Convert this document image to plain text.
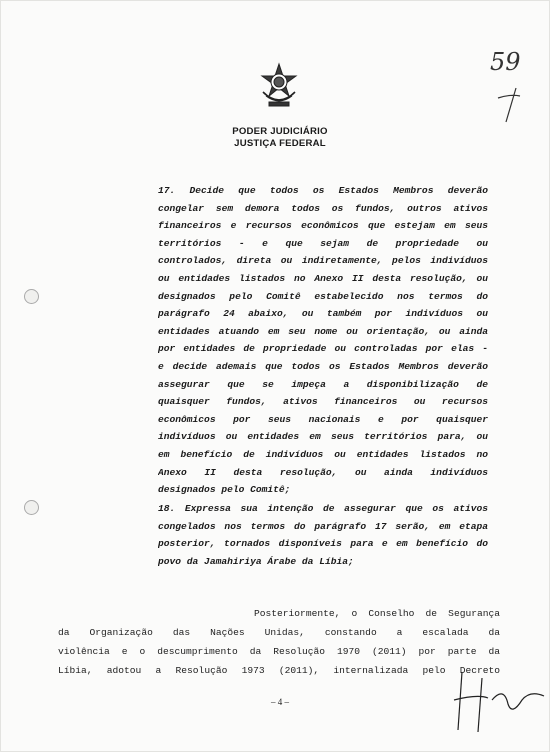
PODER JUDICIÁRIO
JUSTIÇA FEDERAL
59
17. Decide que todos os Estados Membros deverão
congelar sem demora todos os fundos, outros ativos
financeiros e recursos econômicos que estejam em seus
territórios - e que sejam de propriedade ou
controlados, direta ou indiretamente, pelos indivíduos
ou entidades listados no Anexo II desta resolução, ou
designados pelo Comitê estabelecido nos termos do
parágrafo 24 abaixo, ou também por indivíduos ou
entidades atuando em seu nome ou orientação, ou ainda
por entidades de propriedade ou controladas por elas -
e decide ademais que todos os Estados Membros deverão
assegurar que se impeça a disponibilização de
quaisquer fundos, ativos financeiros ou recursos
econômicos por seus nacionais e por quaisquer
indivíduos ou entidades em seus territórios para, ou
em benefício de indivíduos ou entidades listados no
Anexo II desta resolução, ou ainda indivíduos
designados pelo Comitê;
18. Expressa sua intenção de assegurar que os ativos
congelados nos termos do parágrafo 17 serão, em etapa
posterior, tornados disponíveis para e em benefício do
povo da Jamahiriya Árabe da Líbia;
Posteriormente, o Conselho de Segurança
da Organização das Nações Unidas, constando a escalada da
violência e o descumprimento da Resolução 1970 (2011) por parte da
Líbia, adotou a Resolução 1973 (2011), internalizada pelo Decreto
– 4 –
